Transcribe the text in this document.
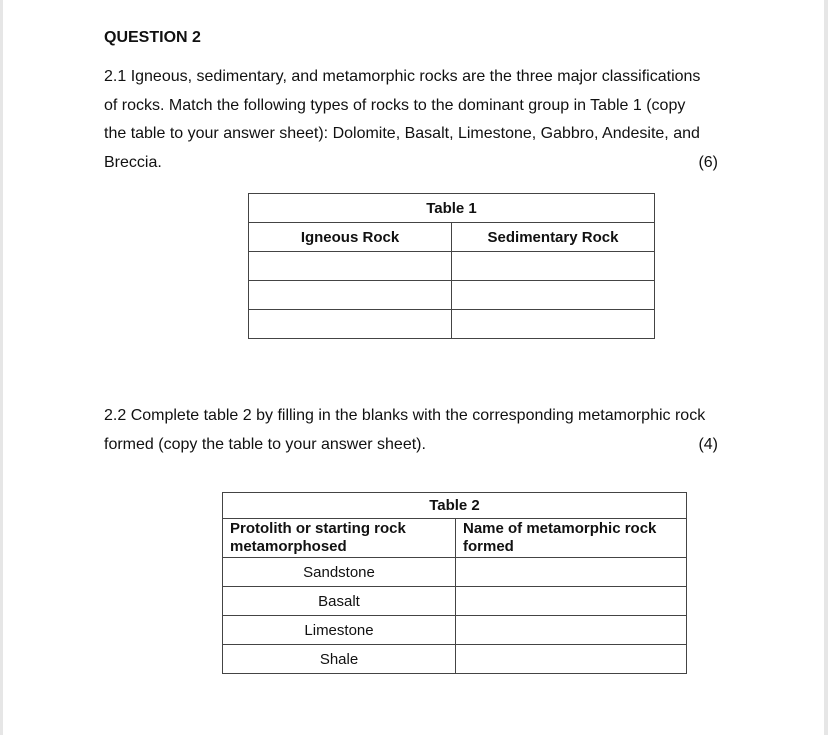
QUESTION 2
2.1 Igneous, sedimentary, and metamorphic rocks are the three major classifications
of rocks. Match the following types of rocks to the dominant group in Table 1 (copy
the table to your answer sheet): Dolomite, Basalt, Limestone, Gabbro, Andesite, and
Breccia.	(6)
Table 1	
Igneous Rock	Sedimentary Rock

2.2 Complete table 2 by filling in the blanks with the corresponding metamorphic rock
formed (copy the table to your answer sheet).	(4)
Table 2	
Protolith or starting rock metamorphosed	Name of metamorphic rock formed
Sandstone	
Basalt	
Limestone	
Shale	
